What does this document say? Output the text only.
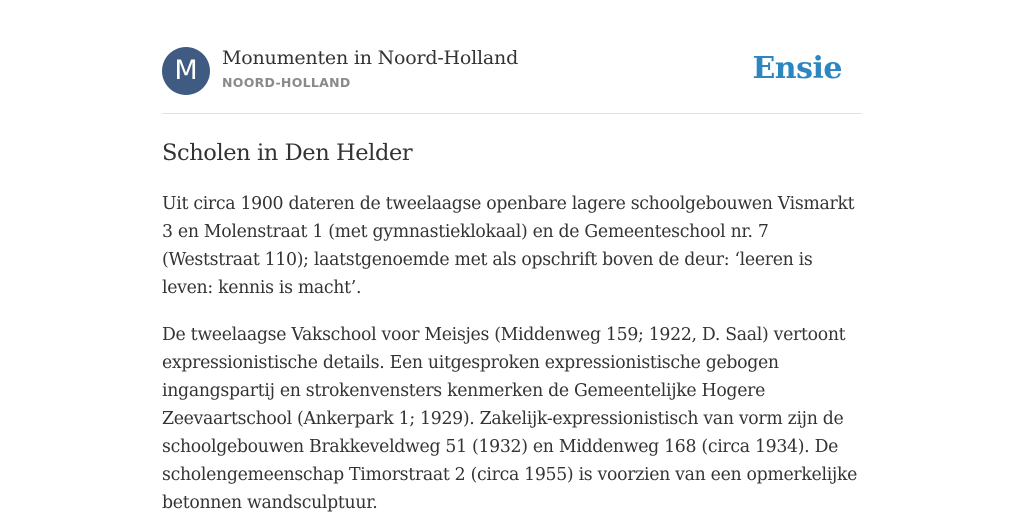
M	Monumenten in Noord-Holland
NOORD-HOLLAND	Ensie
Scholen in Den Helder

Uit circa 1900 dateren de tweelaagse openbare lagere schoolgebouwen Vismarkt 3 en Molenstraat 1 (met gymnastieklokaal) en de Gemeenteschool nr. 7 (Weststraat 110); laatstgenoemde met als opschrift boven de deur: ‘leeren is leven: kennis is macht’.

De tweelaagse Vakschool voor Meisjes (Middenweg 159; 1922, D. Saal) vertoont expressionistische details. Een uitgesproken expressionistische gebogen ingangspartij en strokenvensters kenmerken de Gemeentelijke Hogere Zeevaartschool (Ankerpark 1; 1929). Zakelijk-expressionistisch van vorm zijn de schoolgebouwen Brakkeveldweg 51 (1932) en Middenweg 168 (circa 1934). De scholengemeenschap Timorstraat 2 (circa 1955) is voorzien van een opmerkelijke betonnen wandsculptuur.
